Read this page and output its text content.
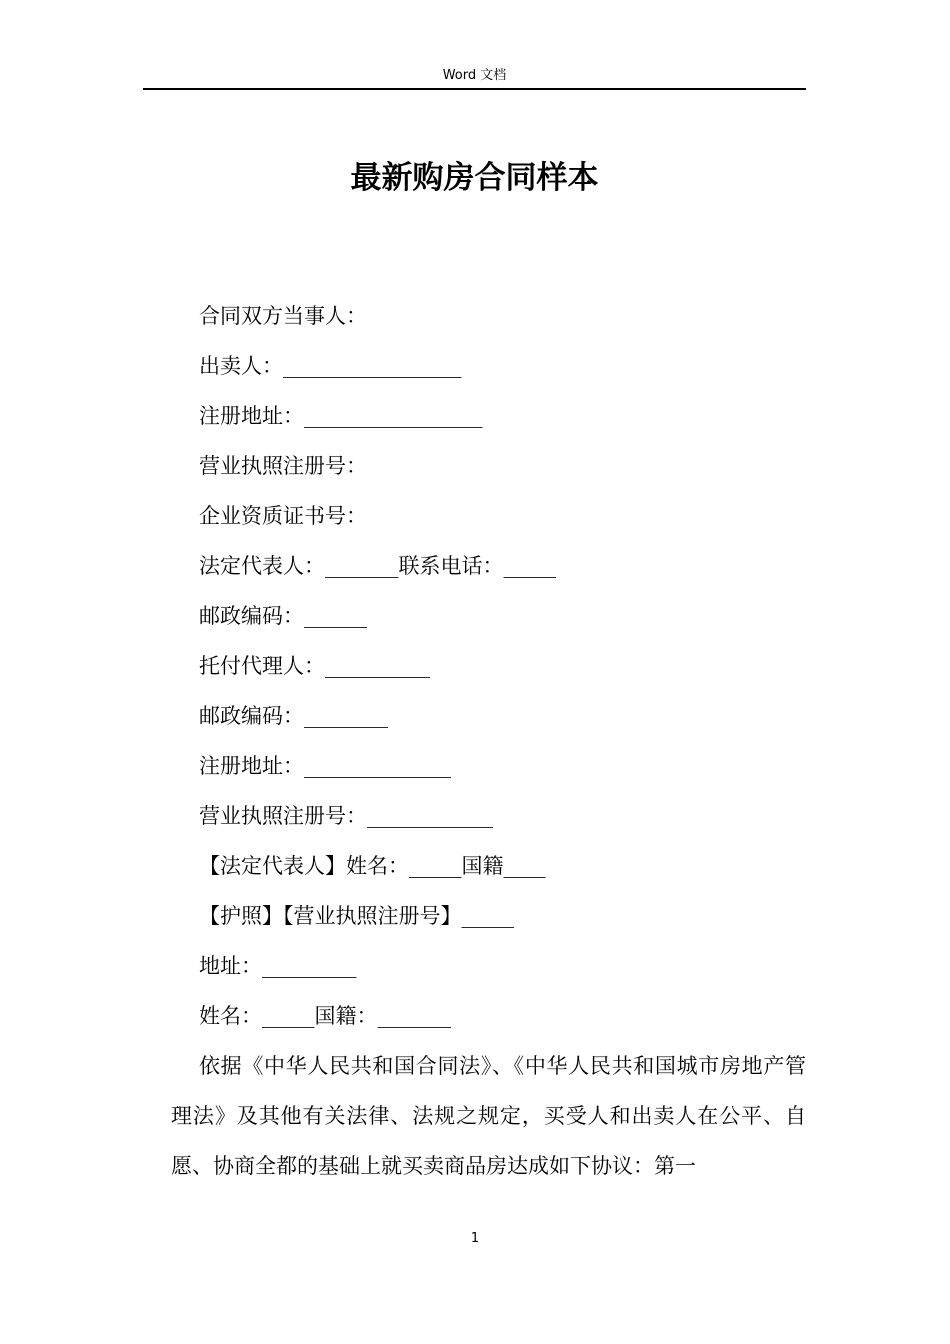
Word 文档
最新购房合同样本
合同双方当事人：
出卖人：_________________
注册地址：_________________
营业执照注册号：
企业资质证书号：
法定代表人：_______联系电话：_____
邮政编码：______
托付代理人：__________
邮政编码：________
注册地址：______________
营业执照注册号：____________
【法定代表人】姓名：_____国籍____
【护照】【营业执照注册号】_____
地址：_________
姓名：_____国籍：_______

依据《中华人民共和国合同法》、《中华人民共和国城市房地产管理法》及其他有关法律、法规之规定，买受人和出卖人在公平、自愿、协商全都的基础上就买卖商品房达成如下协议：第一

1
